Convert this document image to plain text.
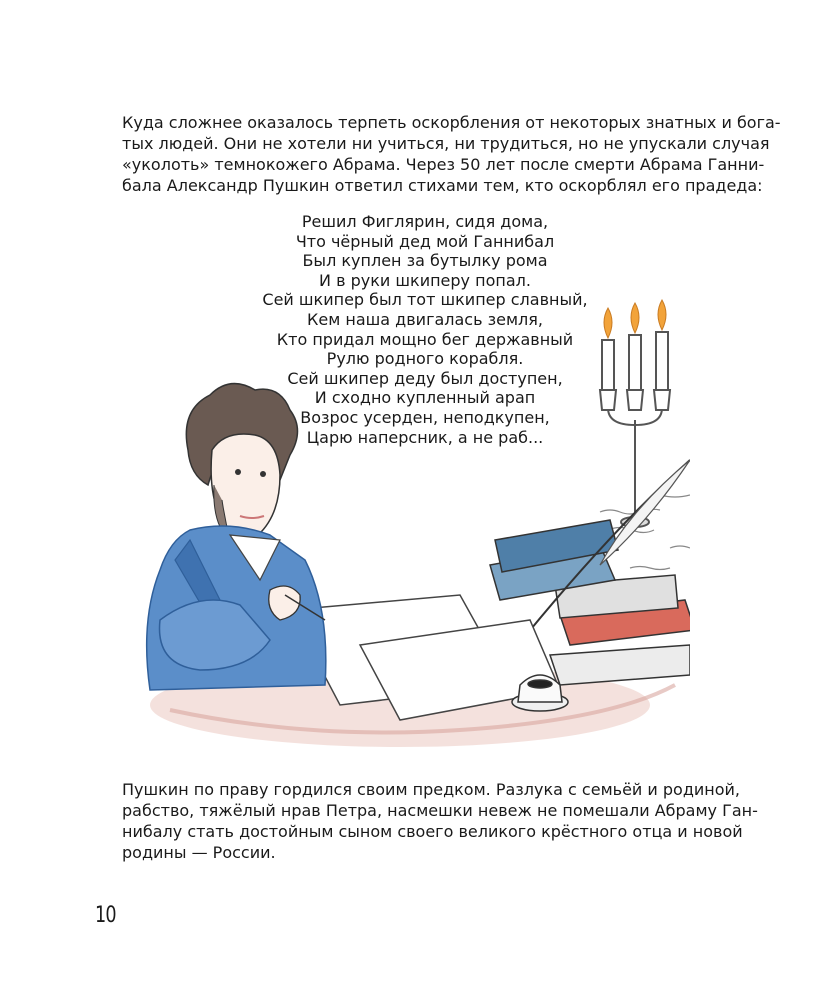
Куда сложнее оказалось терпеть оскорбления от некоторых знатных и бога-
тых людей. Они не хотели ни учиться, ни трудиться, но не упускали случая
«уколоть» темнокожего Абрама. Через 50 лет после смерти Абрама Ганни-
бала Александр Пушкин ответил стихами тем, кто оскорблял его прадеда:

Решил Фиглярин, сидя дома,
Что чёрный дед мой Ганнибал
Был куплен за бутылку рома
И в руки шкиперу попал.
Сей шкипер был тот шкипер славный,
Кем наша двигалась земля,
Кто придал мощно бег державный
Рулю родного корабля.
Сей шкипер деду был доступен,
И сходно купленный арап
Возрос усерден, неподкупен,
Царю наперсник, а не раб...

Пушкин по праву гордился своим предком. Разлука с семьёй и родиной,
рабство, тяжёлый нрав Петра, насмешки невеж не помешали Абраму Ган-
нибалу стать достойным сыном своего великого крёстного отца и новой
родины — России.

10
